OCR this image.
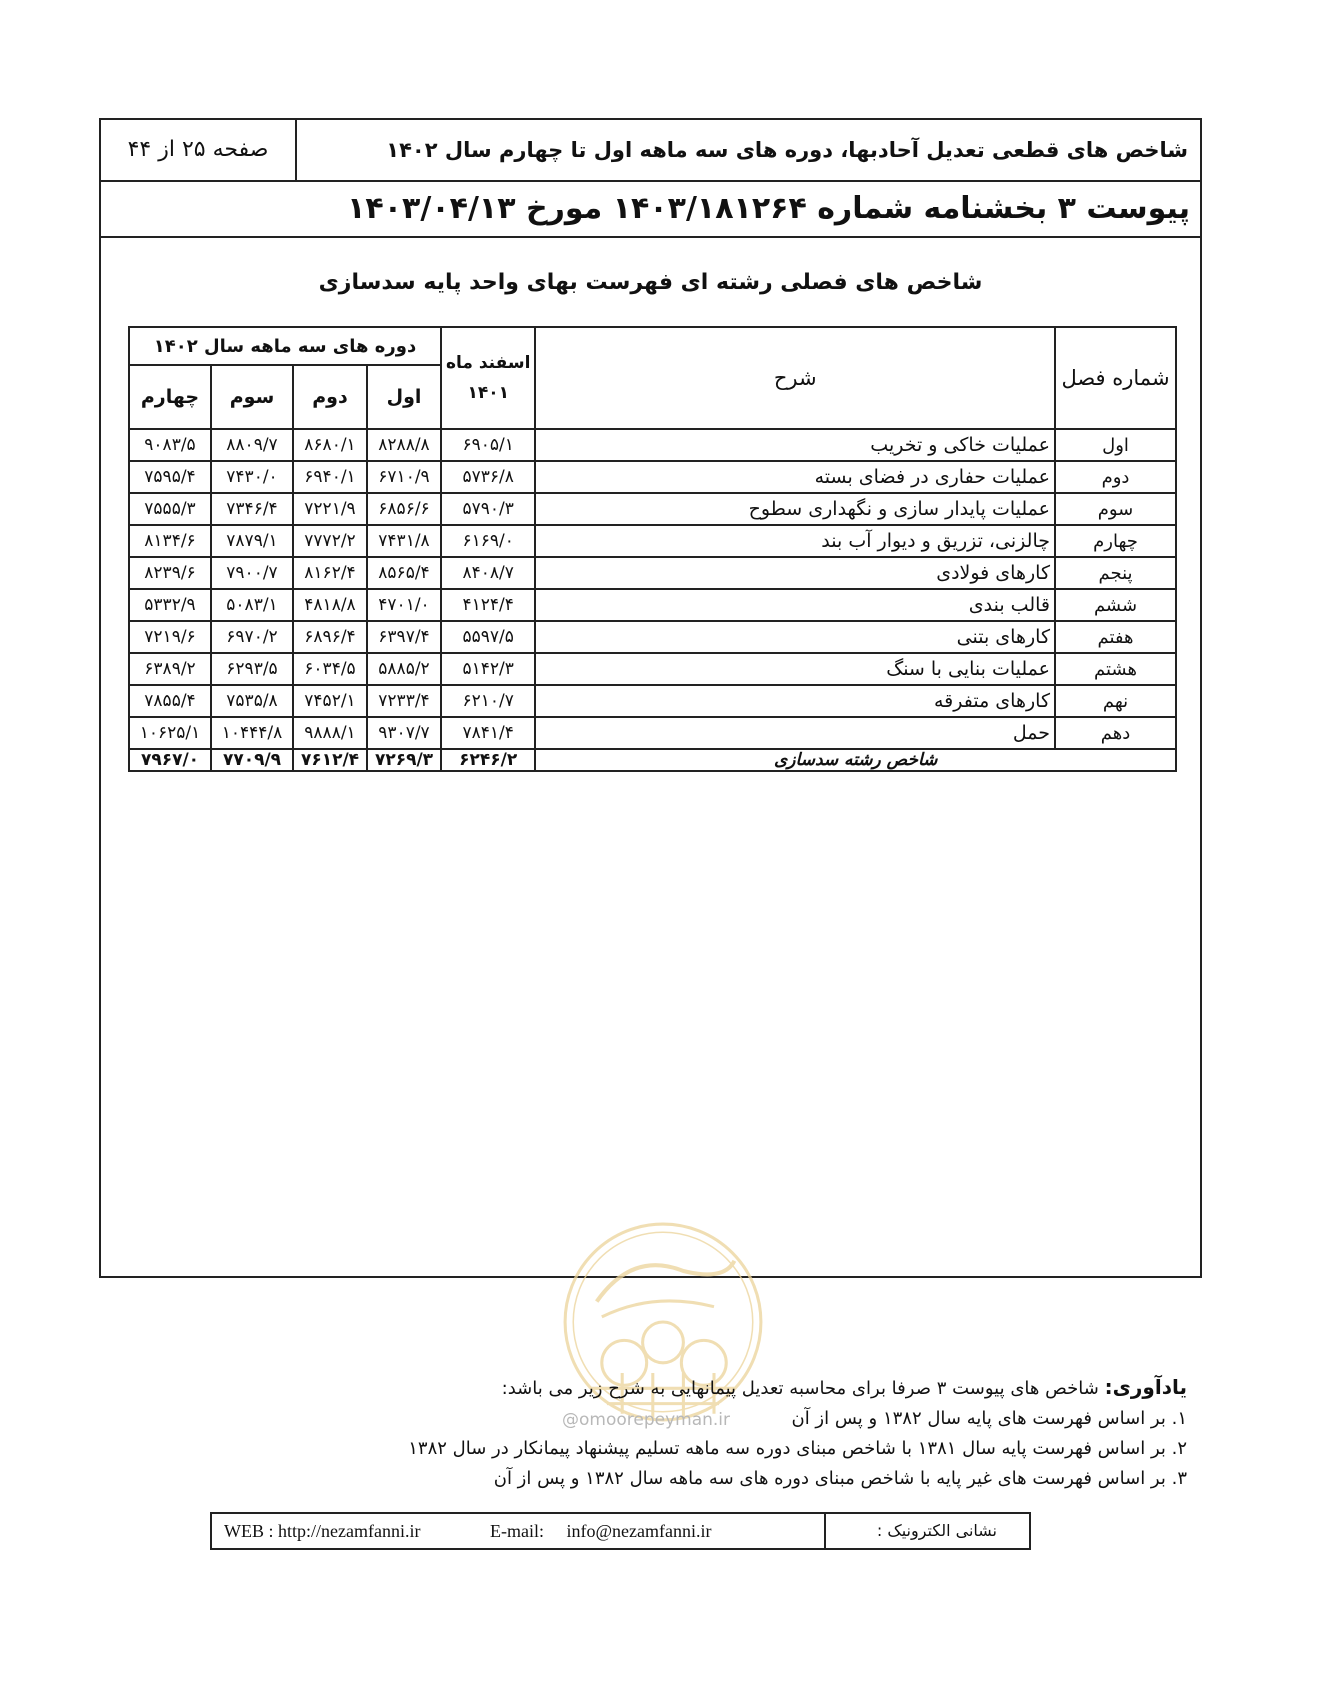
شاخص های قطعی تعدیل آحادبها، دوره های سه ماهه اول تا چهارم سال ۱۴۰۲
صفحه ۲۵ از ۴۴
پیوست ۳ بخشنامه شماره ۱۴۰۳/۱۸۱۲۶۴ مورخ ۱۴۰۳/۰۴/۱۳
شاخص های فصلی رشته ای فهرست بهای واحد پایه سدسازی
شماره فصل	شرح	اسفند ماه
۱۴۰۱	دوره های سه ماهه سال ۱۴۰۲			
			اول	دوم	سوم	چهارم
اول	عملیات خاکی و تخریب	۶۹۰۵/۱	۸۲۸۸/۸	۸۶۸۰/۱	۸۸۰۹/۷	۹۰۸۳/۵
دوم	عملیات حفاری در فضای بسته	۵۷۳۶/۸	۶۷۱۰/۹	۶۹۴۰/۱	۷۴۳۰/۰	۷۵۹۵/۴
سوم	عملیات پایدار سازی و نگهداری سطوح	۵۷۹۰/۳	۶۸۵۶/۶	۷۲۲۱/۹	۷۳۴۶/۴	۷۵۵۵/۳
چهارم	چالزنی، تزریق و دیوار آب بند	۶۱۶۹/۰	۷۴۳۱/۸	۷۷۷۲/۲	۷۸۷۹/۱	۸۱۳۴/۶
پنجم	کارهای فولادی	۸۴۰۸/۷	۸۵۶۵/۴	۸۱۶۲/۴	۷۹۰۰/۷	۸۲۳۹/۶
ششم	قالب بندی	۴۱۲۴/۴	۴۷۰۱/۰	۴۸۱۸/۸	۵۰۸۳/۱	۵۳۳۲/۹
هفتم	کارهای بتنی	۵۵۹۷/۵	۶۳۹۷/۴	۶۸۹۶/۴	۶۹۷۰/۲	۷۲۱۹/۶
هشتم	عملیات بنایی با سنگ	۵۱۴۲/۳	۵۸۸۵/۲	۶۰۳۴/۵	۶۲۹۳/۵	۶۳۸۹/۲
نهم	کارهای متفرقه	۶۲۱۰/۷	۷۲۳۳/۴	۷۴۵۲/۱	۷۵۳۵/۸	۷۸۵۵/۴
دهم	حمل	۷۸۴۱/۴	۹۳۰۷/۷	۹۸۸۸/۱	۱۰۴۴۴/۸	۱۰۶۲۵/۱
شاخص رشته سدسازی		۶۲۴۶/۲	۷۲۶۹/۳	۷۶۱۲/۴	۷۷۰۹/۹	۷۹۶۷/۰
@omoorepeyman.ir
یادآوری: شاخص های پیوست ۳ صرفا برای محاسبه تعدیل پیمانهایی به شرح زیر می باشد:
۱. بر اساس فهرست های پایه سال ۱۳۸۲ و پس از آن
۲. بر اساس فهرست پایه سال ۱۳۸۱ با شاخص مبنای دوره سه ماهه تسلیم پیشنهاد پیمانکار در سال ۱۳۸۲
۳. بر اساس فهرست های غیر پایه با شاخص مبنای دوره های سه ماهه سال ۱۳۸۲ و پس از آن
نشانی الکترونیک :
WEB : http://nezamfanni.ir	E-mail:     info@nezamfanni.ir
